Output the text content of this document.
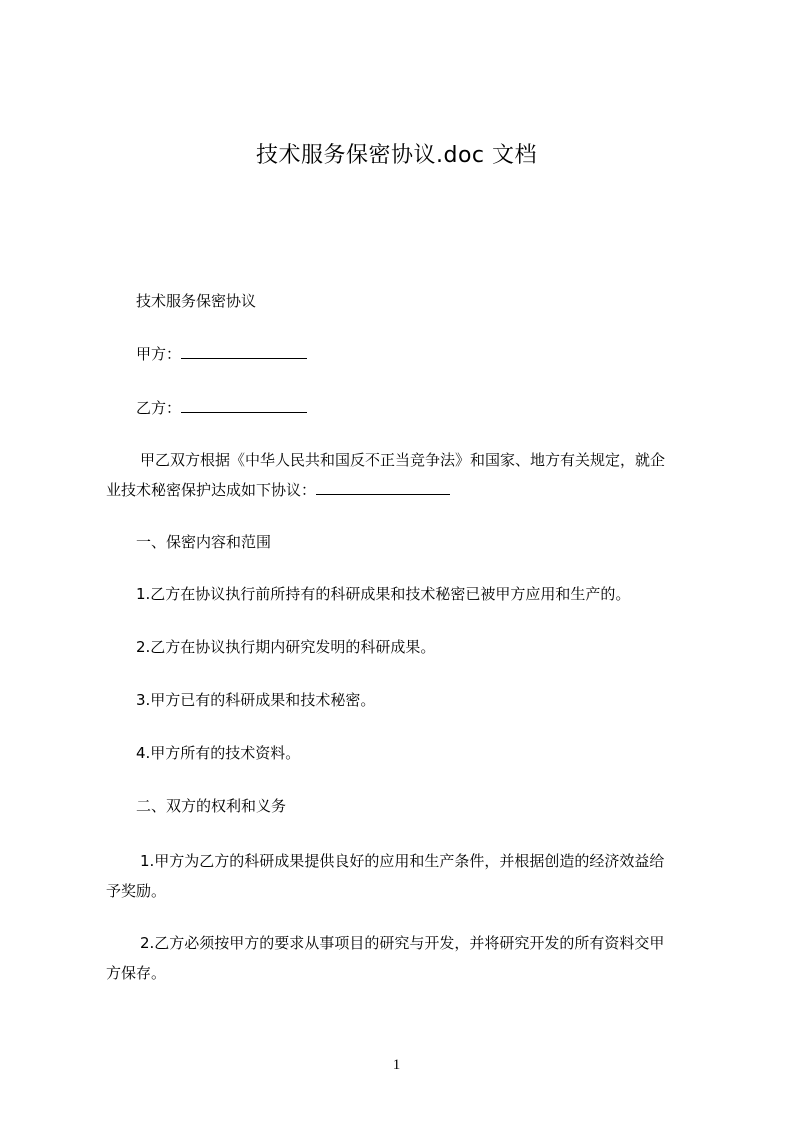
技术服务保密协议.doc 文档
技术服务保密协议
甲方：
乙方：
甲乙双方根据《中华人民共和国反不正当竞争法》和国家、地方有关规定，就企
业技术秘密保护达成如下协议：
一、保密内容和范围
1.乙方在协议执行前所持有的科研成果和技术秘密已被甲方应用和生产的。
2.乙方在协议执行期内研究发明的科研成果。
3.甲方已有的科研成果和技术秘密。
4.甲方所有的技术资料。
二、双方的权利和义务
1.甲方为乙方的科研成果提供良好的应用和生产条件，并根据创造的经济效益给
予奖励。
2.乙方必须按甲方的要求从事项目的研究与开发，并将研究开发的所有资料交甲
方保存。
1
